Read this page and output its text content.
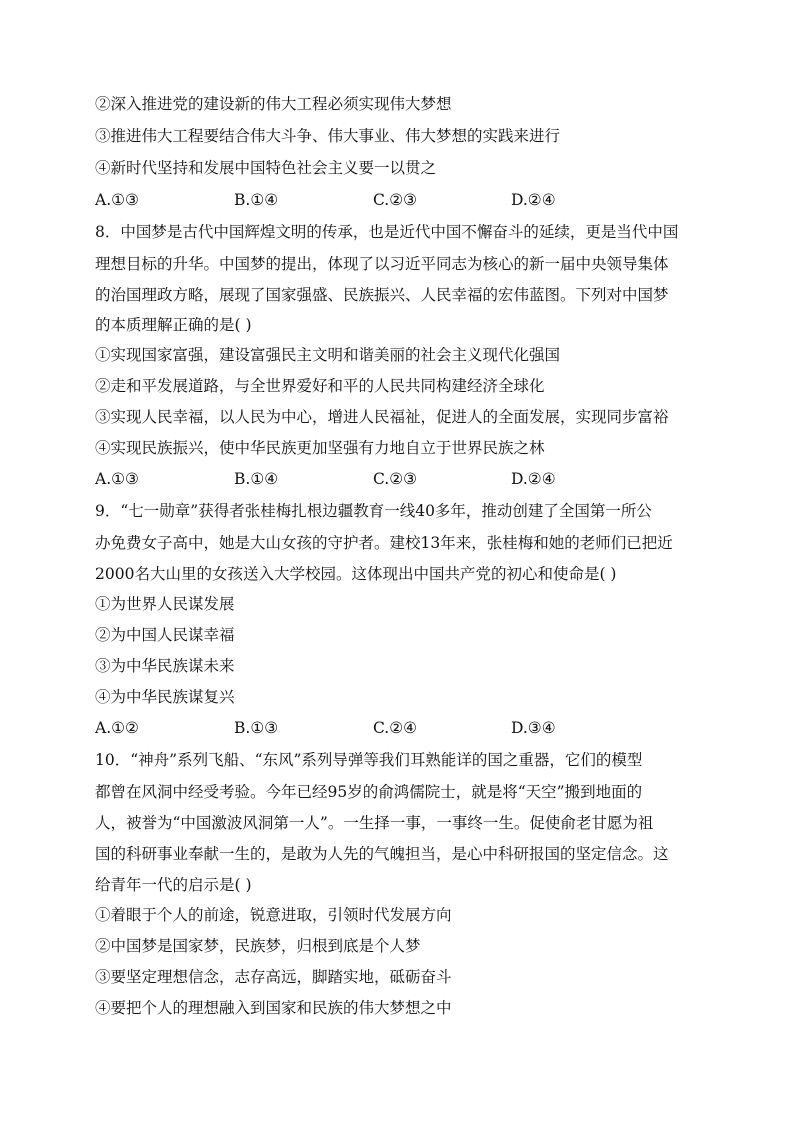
②深入推进党的建设新的伟大工程必须实现伟大梦想
③推进伟大工程要结合伟大斗争、伟大事业、伟大梦想的实践来进行
④新时代坚持和发展中国特色社会主义要一以贯之
A.①③	B.①④	C.②③	D.②④
8．中国梦是古代中国辉煌文明的传承，也是近代中国不懈奋斗的延续，更是当代中国
理想目标的升华。中国梦的提出，体现了以习近平同志为核心的新一届中央领导集体
的治国理政方略，展现了国家强盛、民族振兴、人民幸福的宏伟蓝图。下列对中国梦
的本质理解正确的是( )
①实现国家富强，建设富强民主文明和谐美丽的社会主义现代化强国
②走和平发展道路，与全世界爱好和平的人民共同构建经济全球化
③实现人民幸福，以人民为中心，增进人民福祉，促进人的全面发展，实现同步富裕
④实现民族振兴，使中华民族更加坚强有力地自立于世界民族之林
A.①③	B.①④	C.②③	D.②④
9．“七一勋章”获得者张桂梅扎根边疆教育一线40多年，推动创建了全国第一所公
办免费女子高中，她是大山女孩的守护者。建校13年来，张桂梅和她的老师们已把近
2000名大山里的女孩送入大学校园。这体现出中国共产党的初心和使命是( )
①为世界人民谋发展
②为中国人民谋幸福
③为中华民族谋未来
④为中华民族谋复兴
A.①②	B.①③	C.②④	D.③④
10．“神舟”系列飞船、“东风”系列导弹等我们耳熟能详的国之重器，它们的模型
都曾在风洞中经受考验。今年已经95岁的俞鸿儒院士，就是将“天空”搬到地面的
人，被誉为“中国激波风洞第一人”。一生择一事，一事终一生。促使俞老甘愿为祖
国的科研事业奉献一生的，是敢为人先的气魄担当，是心中科研报国的坚定信念。这
给青年一代的启示是( )
①着眼于个人的前途，锐意进取，引领时代发展方向
②中国梦是国家梦，民族梦，归根到底是个人梦
③要坚定理想信念，志存高远，脚踏实地，砥砺奋斗
④要把个人的理想融入到国家和民族的伟大梦想之中
